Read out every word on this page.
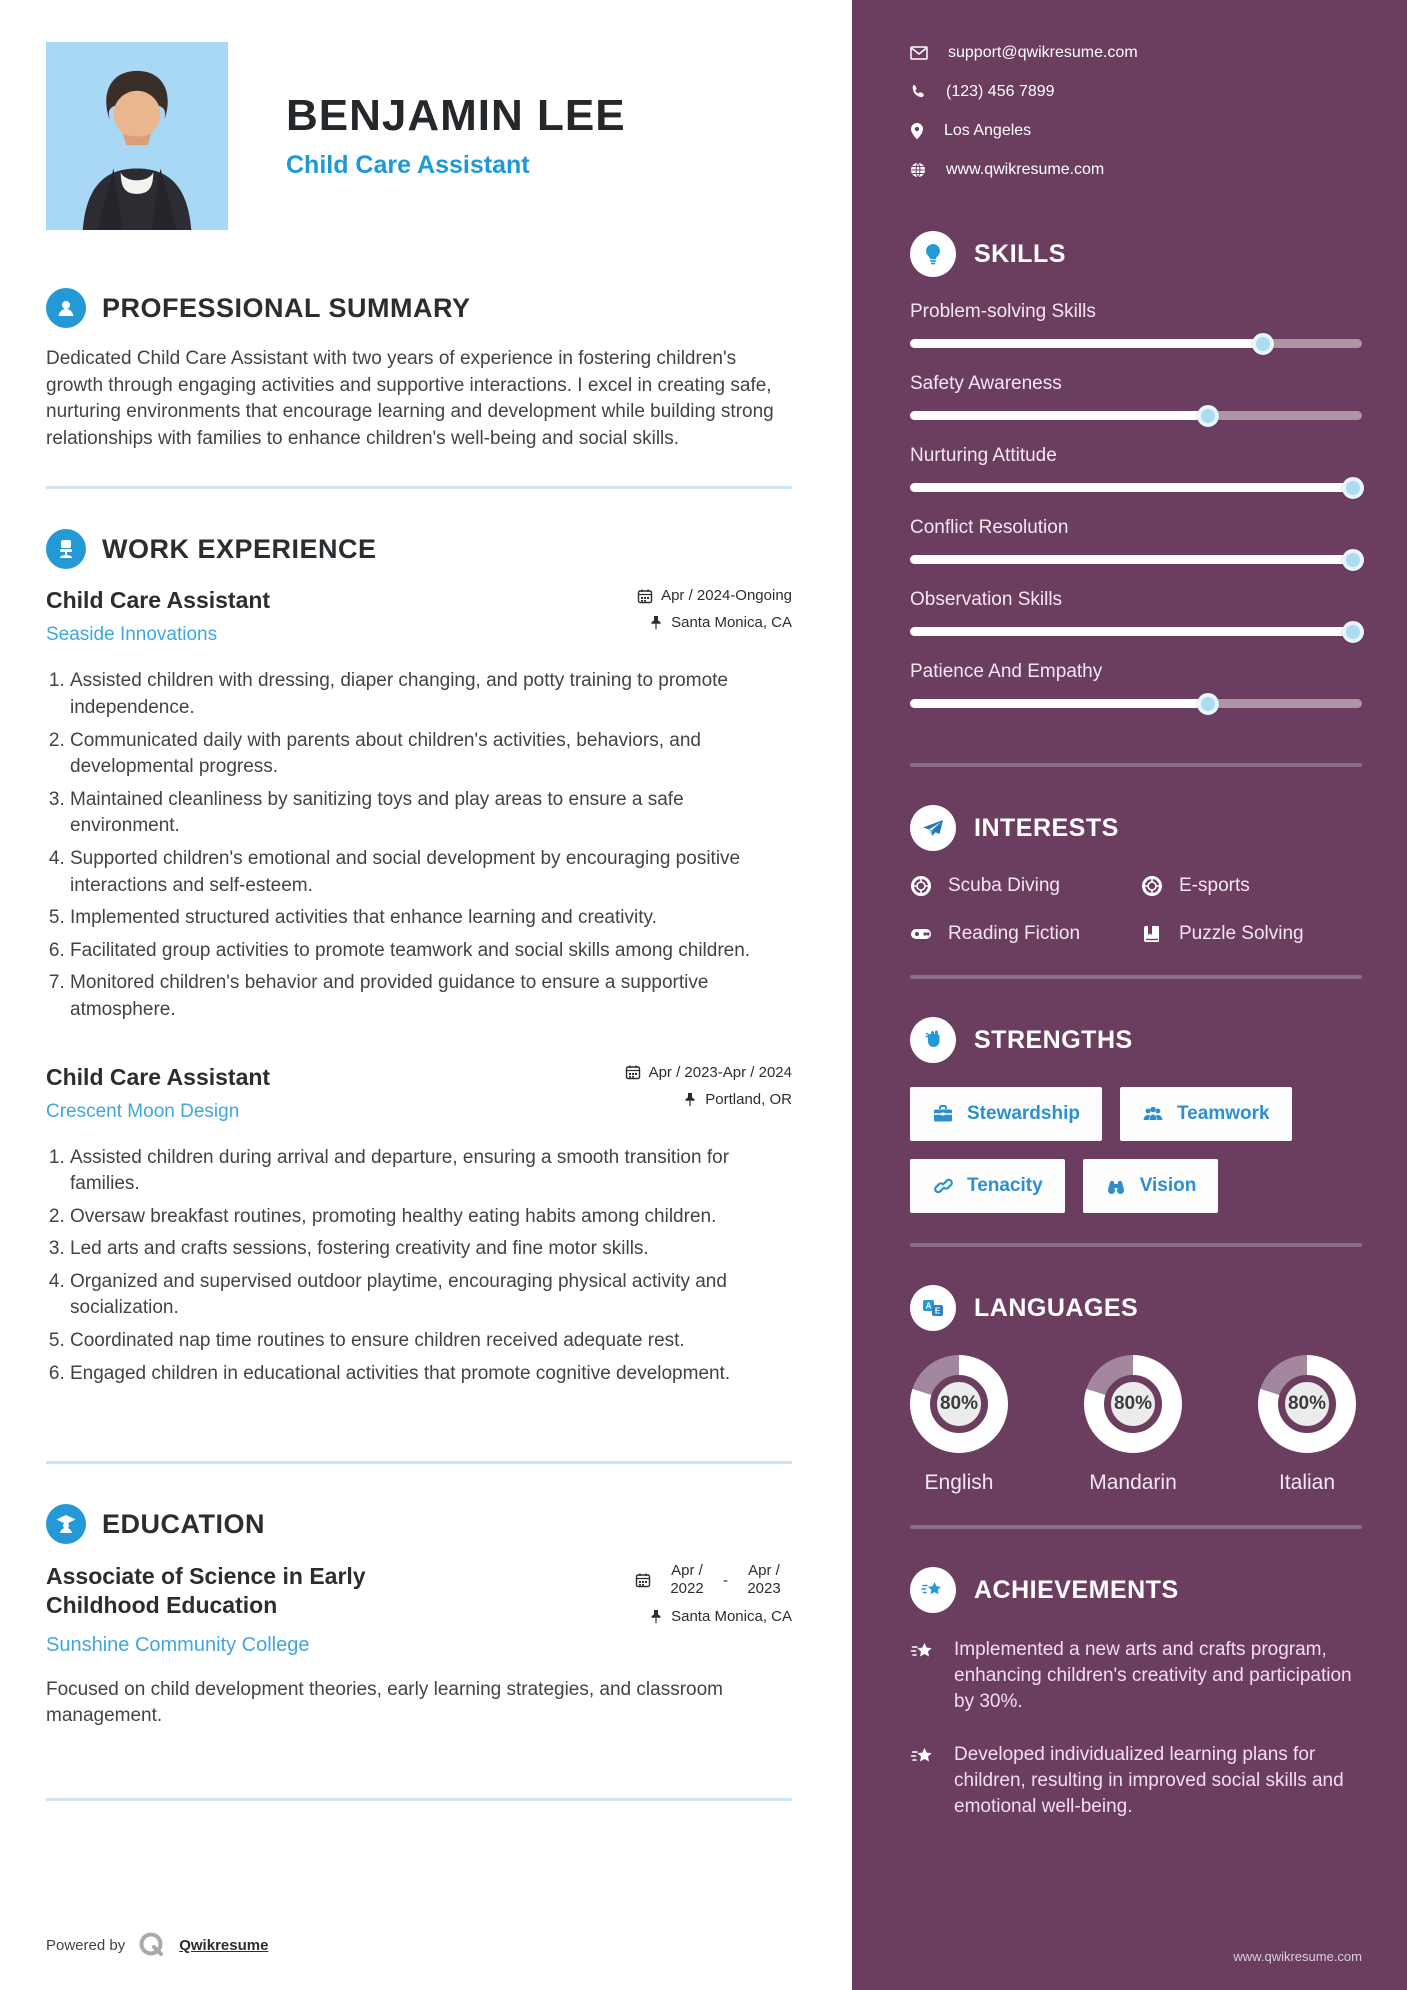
BENJAMIN LEE
Child Care Assistant
PROFESSIONAL SUMMARY

Dedicated Child Care Assistant with two years of experience in fostering children's growth through engaging activities and supportive interactions. I excel in creating safe, nurturing environments that encourage learning and development while building strong relationships with families to enhance children's well-being and social skills.

WORK EXPERIENCE
Child Care Assistant
Seaside Innovations
Apr / 2024-Ongoing
Santa Monica, CA
1. Assisted children with dressing, diaper changing, and potty training to promote independence.
2. Communicated daily with parents about children's activities, behaviors, and developmental progress.
3. Maintained cleanliness by sanitizing toys and play areas to ensure a safe environment.
4. Supported children's emotional and social development by encouraging positive interactions and self-esteem.
5. Implemented structured activities that enhance learning and creativity.
6. Facilitated group activities to promote teamwork and social skills among children.
7. Monitored children's behavior and provided guidance to ensure a supportive atmosphere.
Child Care Assistant
Crescent Moon Design
Apr / 2023-Apr / 2024
Portland, OR
1. Assisted children during arrival and departure, ensuring a smooth transition for families.
2. Oversaw breakfast routines, promoting healthy eating habits among children.
3. Led arts and crafts sessions, fostering creativity and fine motor skills.
4. Organized and supervised outdoor playtime, encouraging physical activity and socialization.
5. Coordinated nap time routines to ensure children received adequate rest.
6. Engaged children in educational activities that promote cognitive development.
EDUCATION
Associate of Science in Early Childhood Education
Sunshine Community College
Apr / 2022	-
Apr / 2023
Santa Monica, CA

Focused on child development theories, early learning strategies, and classroom management.

Powered by	Qwikresume
support@qwikresume.com
(123) 456 7899
Los Angeles
www.qwikresume.com
SKILLS
Problem-solving Skills
Safety Awareness
Nurturing Attitude
Conflict Resolution
Observation Skills
Patience And Empathy
INTERESTS
Scuba Diving	E-sports
Reading Fiction	Puzzle Solving
STRENGTHS
Stewardship	Teamwork
Tenacity	Vision
A
E LANGUAGES
80%
English
80%
Mandarin
80%
Italian
ACHIEVEMENTS
Implemented a new arts and crafts program, enhancing children's creativity and participation by 30%.
Developed individualized learning plans for children, resulting in improved social skills and emotional well-being.
www.qwikresume.com
